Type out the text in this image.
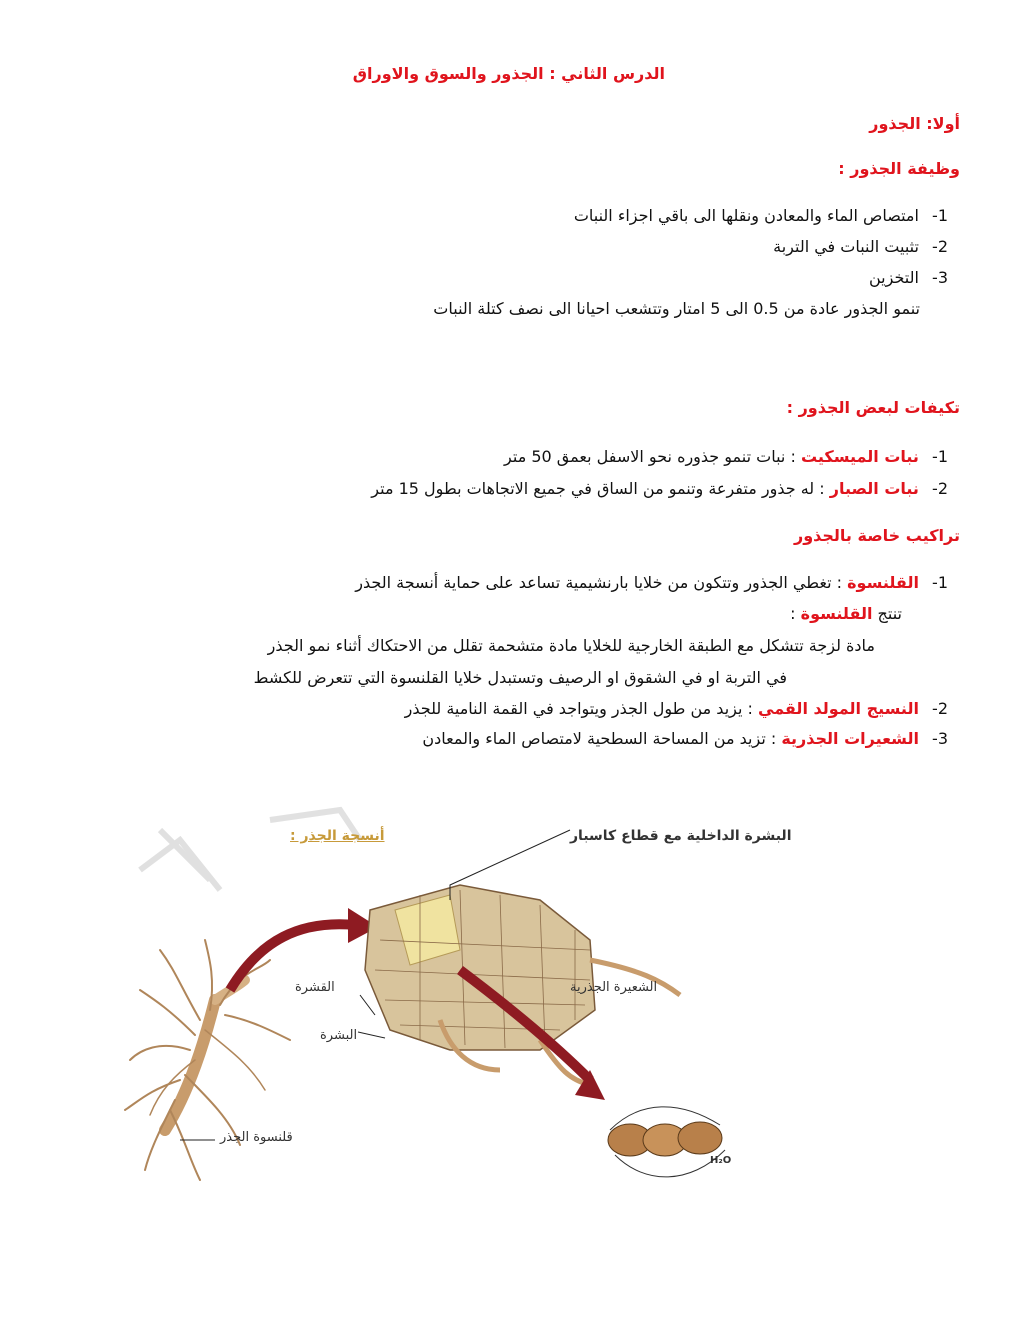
الدرس الثاني : الجذور والسوق والاوراق
أولا: الجذور
وظيفة الجذور :
1- امتصاص الماء والمعادن ونقلها الى باقي اجزاء النبات
2- تثبيت النبات في التربة
3- التخزين
تنمو الجذور عادة من 0.5 الى 5 امتار وتتشعب احيانا الى نصف كتلة النبات
تكيفات لبعض الجذور :
1- نبات الميسكيت : نبات تنمو جذوره نحو الاسفل بعمق 50 متر
2- نبات الصبار : له جذور متفرعة وتنمو من الساق في جميع الاتجاهات بطول 15 متر
تراكيب خاصة بالجذور
1- القلنسوة : تغطي الجذور وتتكون من خلايا بارنشيمية تساعد على حماية أنسجة الجذر
تنتج القلنسوة :
مادة لزجة تتشكل مع الطبقة الخارجية للخلايا مادة متشحمة تقلل من الاحتكاك أثناء نمو الجذر
في التربة او في الشقوق او الرصيف وتستبدل خلايا القلنسوة التي تتعرض للكشط
2- النسيج المولد القمي : يزيد من طول الجذر ويتواجد في القمة النامية للجذر
3- الشعيرات الجذرية : تزيد من المساحة السطحية لامتصاص الماء والمعادن
أنسجة الجذر :	البشرة الداخلية مع قطاع كاسبار
القشرة
البشرة
الشعيرة الجذرية
قلنسوة الجذر
H₂O
